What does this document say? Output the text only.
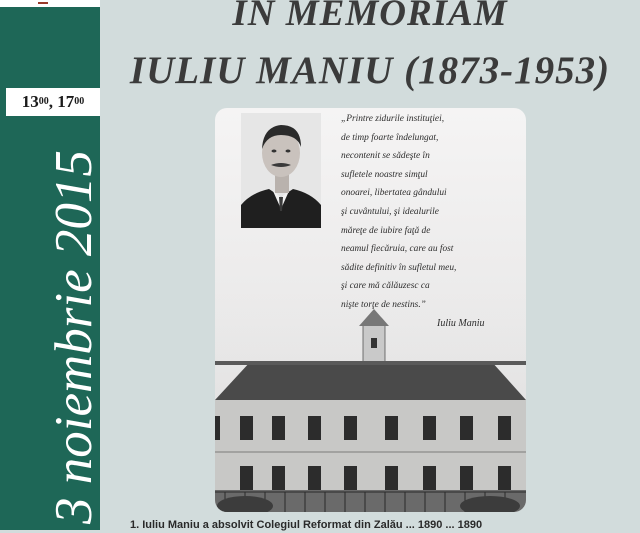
$13^{00}$ , $17^{00}$
3 noiembrie 2015
IN MEMORIAM
IULIU MANIU (1873-1953)
„Printre zidurile instituţiei,
de timp foarte îndelungat,
necontenit se sădeşte în
sufletele noastre simţul
onoarei, libertatea gândului
şi cuvântului, şi idealurile
măreţe de iubire faţă de
neamul fiecăruia, care au fost
sădite definitiv în sufletul meu,
şi care mă călăuzesc ca
nişte torţe de nestins.”
Iuliu Maniu
1. Iuliu Maniu a absolvit Colegiul Reformat din Zalău ... 1890 ... 1890
